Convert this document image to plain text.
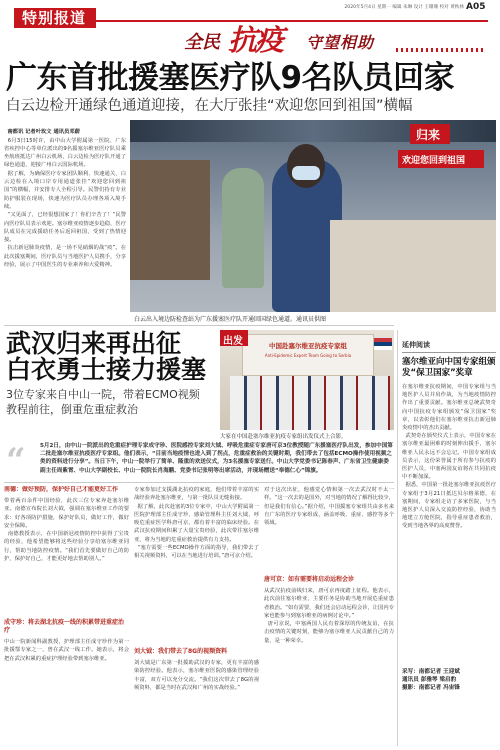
特别报道
2020年5月4日 星期一 编辑 朱琳 设计 王珊珊 校对 黄秋林 A05
全民 抗疫 守望相助
广东首批援塞医疗队9名队员回家
白云边检开通绿色通道迎接，在大厅张挂“欢迎您回到祖国”横幅

南都讯 记者叶玫文 通讯员邓蔚
6月3日15时许，由中山大学附属第一医院、广东省疾控中心等单位派出的9名援塞尔维亚医疗队员乘坐航班抵达广州白云机场，白云边检为医疗队开通了绿色通道，迎接广州白云国际机场。
据了解，为确保医疗专家团队顺利、快速通关，白云边检在入境口岸专用通道张挂“欢迎您回到祖国”的横幅，并安排专人全程引导。民警们持有专业防护服装在现场，快速为医疗队员办理各项入境手续。
“又见面了，已经很想国家了！你们辛苦了！”民警向医疗队员表示欢迎。塞尔维亚疫情逐步趋稳，医疗队成员在完成援助任务后返回祖国，受到了热情迎接。
抗击新冠肺炎疫情，是一场不见硝烟的战“疫”。在此次援塞期间，医疗队员与当地医护人员携手，分享经验，展示了中国医生的专业素养和大爱精神。

欢迎您回到祖国
归来
白云出入境边防检查站为广东援塞医疗队开通回国绿色通道。通讯员供图
武汉归来再出征
白衣勇士接力援塞
3位专家来自中山一院，带着ECMO视频
教程前往，倒重危重症救治
中国赴塞尔维亚抗疫专家组
Anti-Epidemic Expert Team Going to Serbia
出发
大家在中国赴塞尔维亚抗疫专家组出发仪式上合影。
“	5月2日，由中山一院派出的危重症护理专家成守珍、医院感控专家刘大钺、呼吸危重症专家唐可京3位教授随广东援塞医疗队出发，参加中国第二批赴塞尔维亚抗疫医疗专家组。他们表示，“目前当地疫情也进入到了拐点，危重症救治的关键时期，我们带去了包括ECMO操作使用视频之类的资料进行分享”。当日下午，中山一院举行了简单、隆重的欢送仪式，为3名援塞专家送行。中山大学党委书记陈春声、广东省卫生健康委副主任周紫霄、中山大学副校长、中山一院院长肖海鹏、党委书记张明等出席活动，并现场赠送“奉德仁心”锦旗。
南德：做好预防，保护好自己才能更好工作
带着两百余件中国经验，此次三位专家奔赴塞尔维亚。南德宣布院长刘大钺，强调在塞尔维亚工作的要求：好各项防护措施，保护好队员，做好工作，做好安全保障。
南德教授表示，在中国新冠疫情防控中获得了宝贵的经验，他希望能够将这些经验分享给塞尔维亚同行，帮助当地防控疫情。“我们首先要做好自己的防护，保护好自己，才能更好地去帮助别人。”
成守珍：将去湖北抗疫一线的积累带进重症治疗
中山一院新闻科副教授，护理部主任成守珍作为第一批援鄂专家之一，曾在武汉一线工作。她表示，将会把在武汉积累的重症护理经验带到塞尔维亚。
专家参加过支援湖北抗疫的家庭，他们带着丰富的实战经验奔赴塞尔维亚，与第一批队员无缝衔接。
据了解，此次赴塞的3位专家中，中山大学附属第一医院护理部主任成守珍、感染管理科主任刘大钺、呼吸危重症医学科唐可京，都有着丰富的临床经验。在武汉抗疫期间积累了大量宝贵经验，此次带往塞尔维亚，将为当地的危重症救治提供有力支持。
“塞方需要一些ECMO操作方面的指导，我们带去了相关视频资料，可以在当地进行培训。”唐可京介绍。
刘大钺：我们带去了8G的视频资料
刘大钺是广东第一批援助武汉的专家，更有丰富的感染防控经验。他表示，塞尔维亚医院的感染管理经验丰富，双方可以充分交流。“我们这次带去了8G的视频资料，都是当时在武汉和广州的实战经验。”
对于这次出征，他感觉心情和第一次去武汉时不太一样。“这一次去的是国外，对当地的情况了解得比较少，但是我们有信心。”据介绍，中国援塞专家组共由多名来自广东的医疗专家组成，涵盖呼吸、重症、感控等多个领域。
唐可京：如有需要将启动远程会诊
从武汉抗疫前线归来，唐可京再度踏上征程。他表示，此次前往塞尔维亚，主要任务是协助当地开展危重症患者救治。“如有需要，我们还会启动远程会诊，让国内专家也能参与到塞尔维亚的病例讨论中。”
唐可京说，中塞两国人民有着深厚的传统友谊，在抗击疫情的关键时刻，能够为塞尔维亚人民贡献自己的力量，是一种荣幸。
延伸阅读
塞尔维亚向中国专家组颁发“保卫国家”奖章
在塞尔维亚抗疫期间，中国专家组与当地医护人员并肩作战，为当地疫情防控作出了重要贡献。塞尔维亚总统武契奇向中国抗疫专家组颁发“保卫国家”奖章，以表彰他们在塞尔维亚抗击新冠肺炎疫情中的杰出贡献。
武契奇在颁奖仪式上表示，中国专家在塞尔维亚最困难的时刻伸出援手，塞尔维亚人民永远不会忘记。中国专家组成员表示，这份荣誉属于所有参与抗疫的医护人员，中塞两国友谊将在共同抗疫中不断加深。
据悉，中国第一批赴塞尔维亚抗疫医疗专家组于3月21日抵达贝尔格莱德，在塞期间，专家组走访了多家医院，与当地医护人员深入交流防控经验，协助当地建立方舱医院，指导重症患者救治，受到当地各界的高度赞誉。
采写：南都记者 王迎斌
通讯员 彭雅琴 梁启豹
摄影：南都记者 冯宙锋
